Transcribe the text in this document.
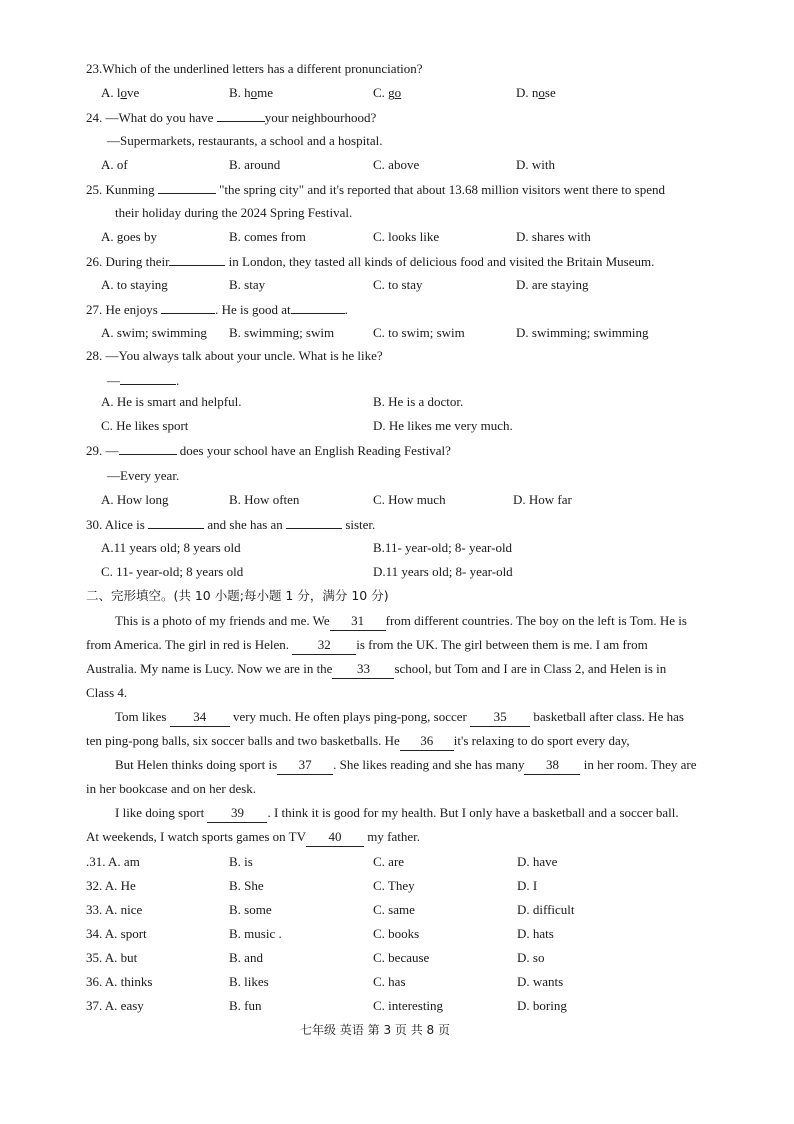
23.Which of the underlined letters has a different pronunciation?
A. love	B. home	C. go	D. nose
24. —What do you have	your neighbourhood?
—Supermarkets, restaurants, a school and a hospital.
A. of	B. around	C. above	D. with
25. Kunming	"the spring city" and it's reported that about 13.68 million visitors went there to spend
their holiday during the 2024 Spring Festival.
A. goes by	B. comes from	C. looks like	D. shares with
26. During their	in London, they tasted all kinds of delicious food and visited the Britain Museum.
A. to staying	B. stay	C. to stay	D. are staying
27. He enjoys	. He is good at	.
A. swim; swimming B. swimming; swim	C. to swim; swim	D. swimming; swimming
28. —You always talk about your uncle. What is he like?
—	.
A. He is smart and helpful.	B. He is a doctor.
C. He likes sport	D. He likes me very much.
29. —	does your school have an English Reading Festival?
—Every year.
A. How long	B. How often	C. How much	D. How far
30. Alice is	and she has an	sister.
A.11 years old; 8 years old	B.11- year-old; 8- year-old
C. 11- year-old; 8 years old	D.11 years old; 8- year-old
二、完形填空。(共 10 小题;每小题 1 分，满分 10 分)
This is a photo of my friends and me. We 31 from different countries. The boy on the left is Tom. He is
from America. The girl in red is Helen. 32 is from the UK. The girl between them is me. I am from
Australia. My name is Lucy. Now we are in the 33 school, but Tom and I are in Class 2, and Helen is in
Class 4.
Tom likes 34 very much. He often plays ping-pong, soccer 35 basketball after class. He has
ten ping-pong balls, six soccer balls and two basketballs. He 36 it's relaxing to do sport every day,
But Helen thinks doing sport is 37 . She likes reading and she has many 38 in her room. They are
in her bookcase and on her desk.
I like doing sport 39 . I think it is good for my health. But I only have a basketball and a soccer ball.
At weekends, I watch sports games on TV 40 my father.
.31. A. am	B. is	C. are	D. have
32. A. He	B. She	C. They	D. I
33. A. nice	B. some	C. same	D. difficult
34. A. sport	B. music .	C. books	D. hats
35. A. but	B. and	C. because	D. so
36. A. thinks	B. likes	C. has	D. wants
37. A. easy	B. fun	C. interesting	D. boring
七年级 英语 第 3 页 共 8 页
